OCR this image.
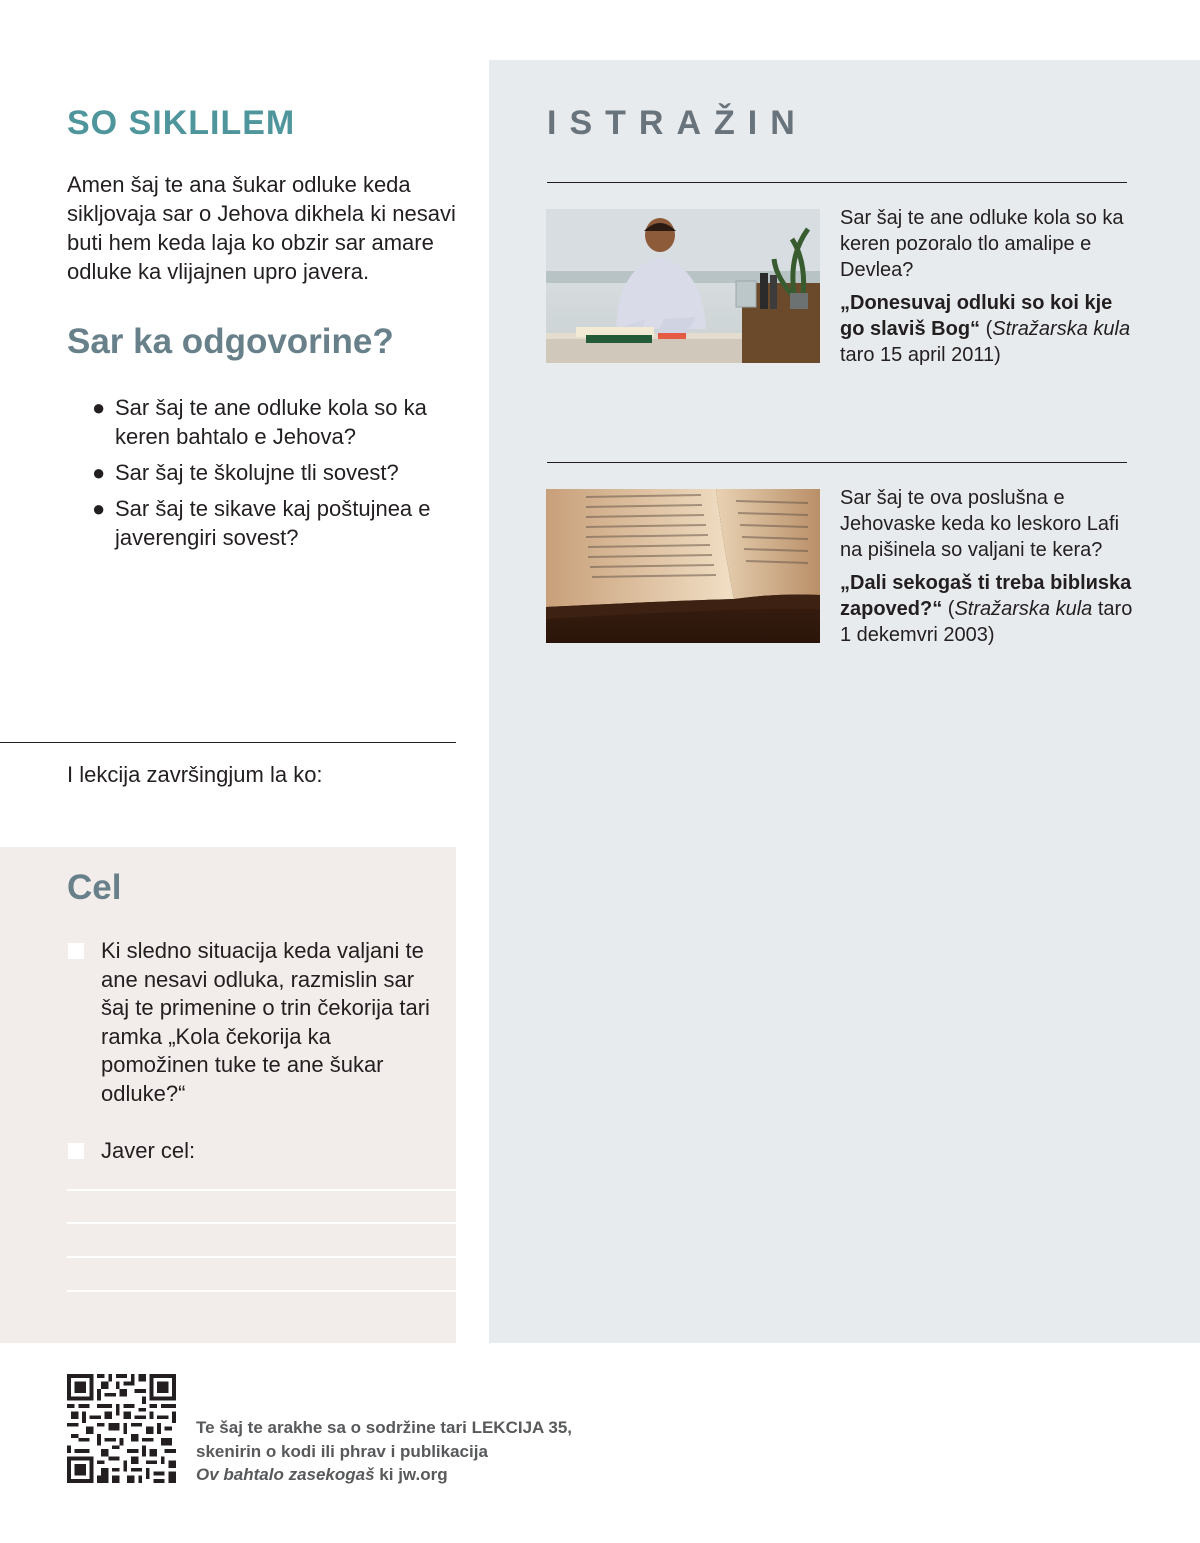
ISTRAŽIN
Sar šaj te ane odluke kola so ka keren pozoralo tlo amalipe e Devlea?
„Donesuvaj odluki so koi kje go slaviš Bog“ (Stražarska kula taro 15 april 2011)
Sar šaj te ova poslušna e Jehovaske keda ko leskoro Lafi na pišinela so valjani te kera?
„Dali sekogaš ti treba biblиska zapoved?“ (Stražarska kula taro 1 dekemvri 2003)
SO SIKLILEM

Amen šaj te ana šukar odluke keda sikljovaja sar o Jehova dikhela ki nesavi buti hem keda laja ko obzir sar amare odluke ka vlijajnen upro javera.

Sar ka odgovorine?
● Sar šaj te ane odluke kola so ka keren bahtalo e Jehova?
● Sar šaj te školujne tli sovest?
● Sar šaj te sikave kaj poštujnea e javerengiri sovest?
I lekcija završingjum la ko:
Cel

Ki sledno situacija keda valjani te ane nesavi odluka, razmislin sar šaj te primenine o trin čekorija tari ramka „Kola čekorija ka pomožinen tuke te ane šukar odluke?“

Javer cel:

Te šaj te arakhe sa o sodržine tari LEKCIJA 35,
skenirin o kodi ili phrav i publikacija
Ov bahtalo zasekogaš ki jw.org
